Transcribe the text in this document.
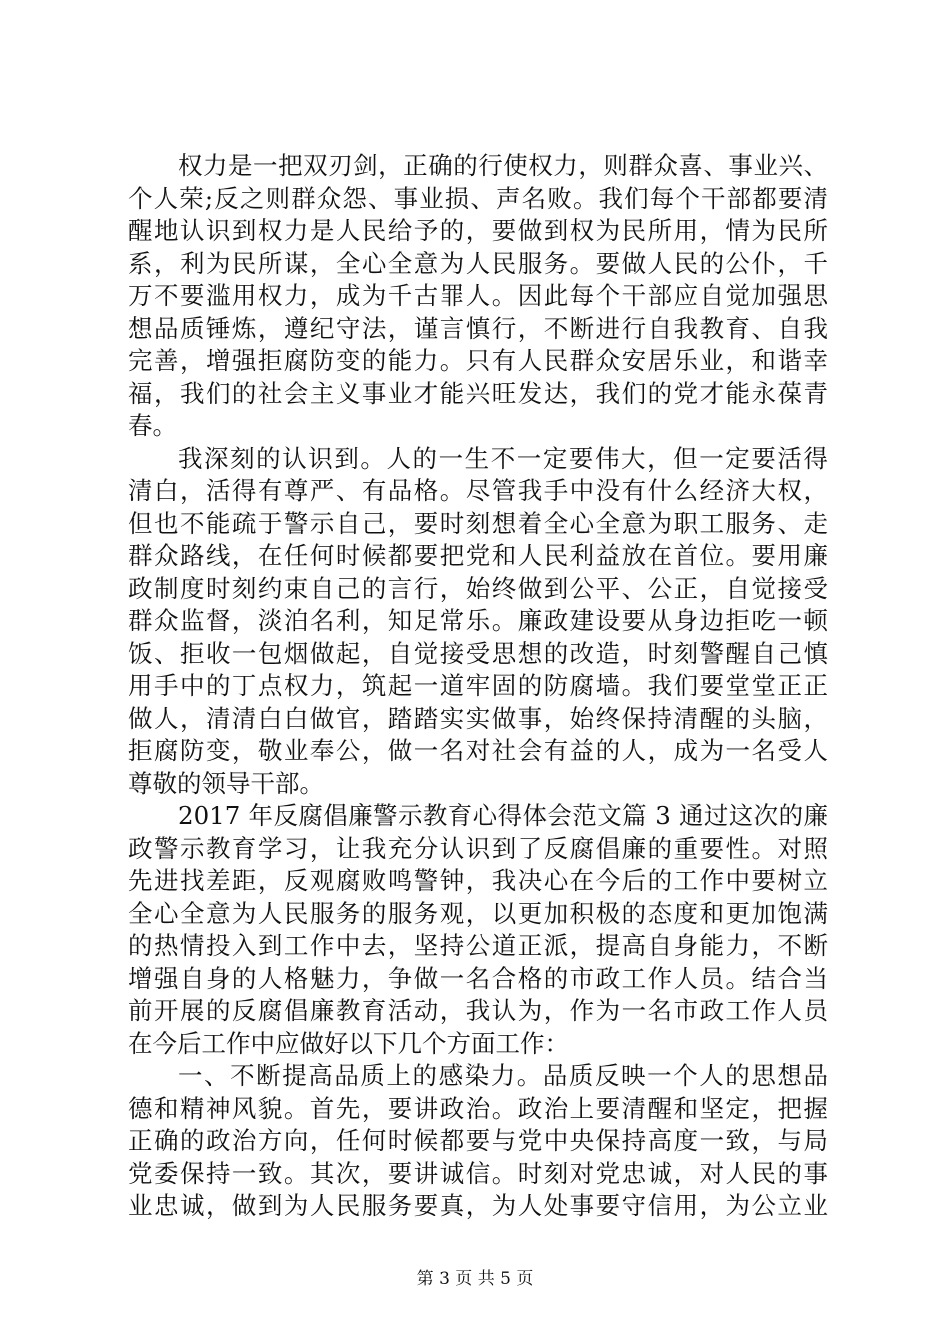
权力是一把双刃剑，正确的行使权力，则群众喜、事业兴、
个人荣;反之则群众怨、事业损、声名败。我们每个干部都要清
醒地认识到权力是人民给予的，要做到权为民所用，情为民所
系，利为民所谋，全心全意为人民服务。要做人民的公仆，千
万不要滥用权力，成为千古罪人。因此每个干部应自觉加强思
想品质锤炼，遵纪守法，谨言慎行，不断进行自我教育、自我
完善，增强拒腐防变的能力。只有人民群众安居乐业，和谐幸
福，我们的社会主义事业才能兴旺发达，我们的党才能永葆青
春。
我深刻的认识到。人的一生不一定要伟大，但一定要活得
清白，活得有尊严、有品格。尽管我手中没有什么经济大权，
但也不能疏于警示自己，要时刻想着全心全意为职工服务、走
群众路线，在任何时候都要把党和人民利益放在首位。要用廉
政制度时刻约束自己的言行，始终做到公平、公正，自觉接受
群众监督，淡泊名利，知足常乐。廉政建设要从身边拒吃一顿
饭、拒收一包烟做起，自觉接受思想的改造，时刻警醒自己慎
用手中的丁点权力，筑起一道牢固的防腐墙。我们要堂堂正正
做人，清清白白做官，踏踏实实做事，始终保持清醒的头脑，
拒腐防变，敬业奉公，做一名对社会有益的人，成为一名受人
尊敬的领导干部。
2017 年反腐倡廉警示教育心得体会范文篇 3 通过这次的廉
政警示教育学习，让我充分认识到了反腐倡廉的重要性。对照
先进找差距，反观腐败鸣警钟，我决心在今后的工作中要树立
全心全意为人民服务的服务观，以更加积极的态度和更加饱满
的热情投入到工作中去，坚持公道正派，提高自身能力，不断
增强自身的人格魅力，争做一名合格的市政工作人员。结合当
前开展的反腐倡廉教育活动，我认为，作为一名市政工作人员
在今后工作中应做好以下几个方面工作：
一、不断提高品质上的感染力。品质反映一个人的思想品
德和精神风貌。首先，要讲政治。政治上要清醒和坚定，把握
正确的政治方向，任何时候都要与党中央保持高度一致，与局
党委保持一致。其次，要讲诚信。时刻对党忠诚，对人民的事
业忠诚，做到为人民服务要真，为人处事要守信用，为公立业
第 3 页 共 5 页
